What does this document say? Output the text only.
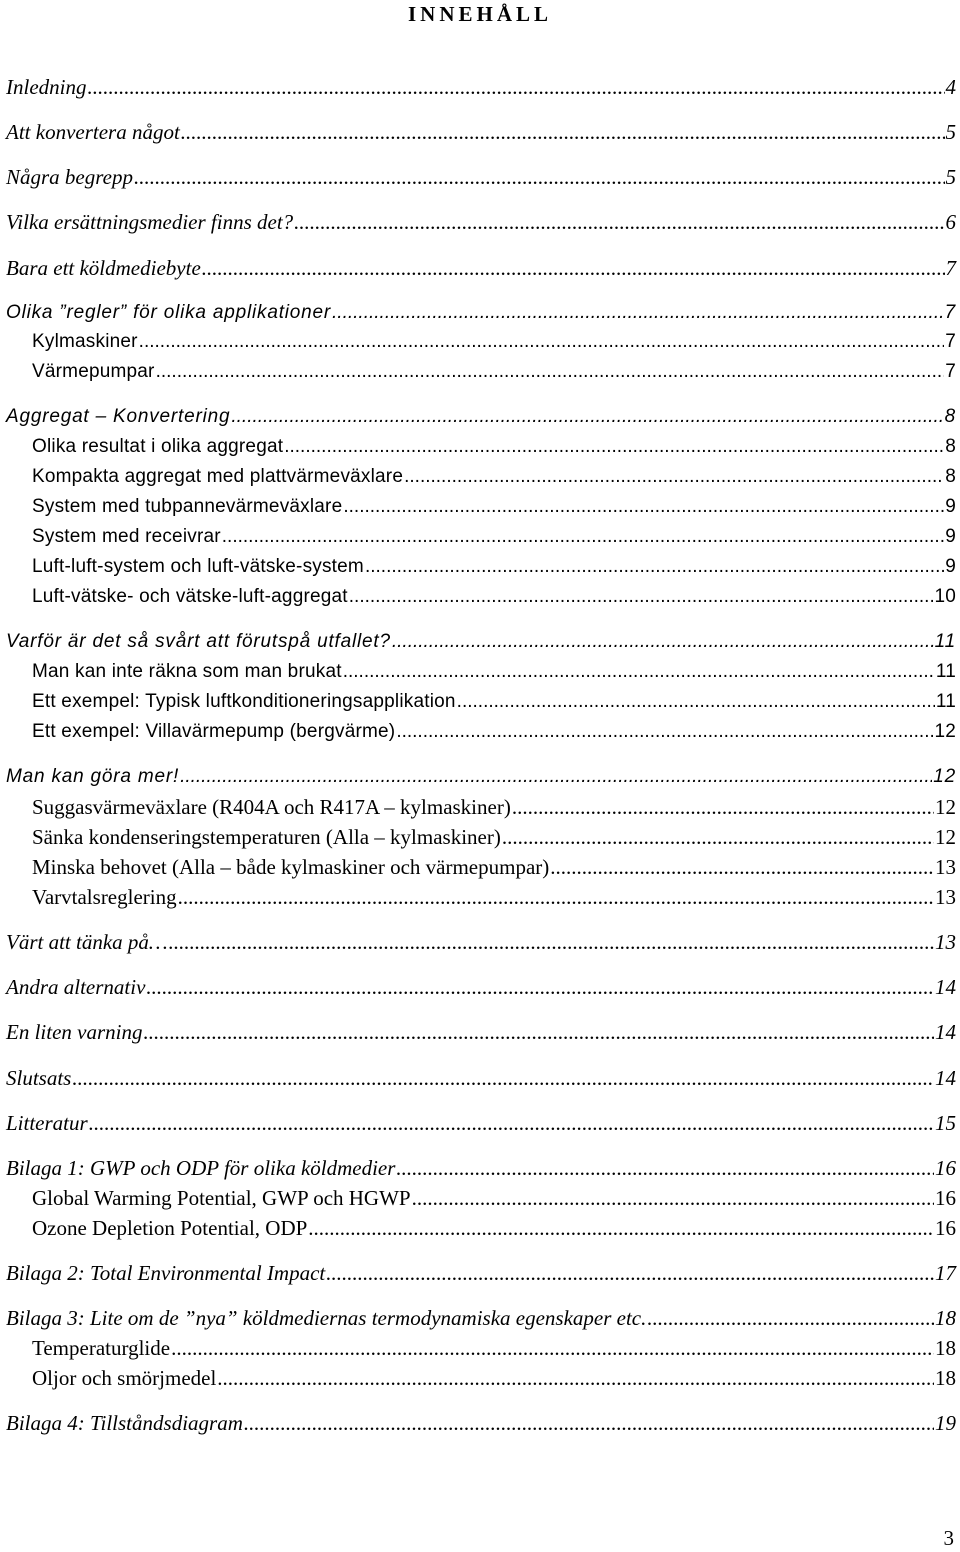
INNEHÅLL
Inledning .....	4
Att konvertera något .....	5
Några begrepp .....	5
Vilka ersättningsmedier finns det? .....	6
Bara ett köldmediebyte .....	7
Olika ”regler” för olika applikationer .....	7
Kylmaskiner .....	7
Värmepumpar .....	7
Aggregat – Konvertering .....	8
Olika resultat i olika aggregat .....	8
Kompakta aggregat med plattvärmeväxlare .....	8
System med tubpannevärmeväxlare .....	9
System med receivrar .....	9
Luft-luft-system och luft-vätske-system .....	9
Luft-vätske- och vätske-luft-aggregat .....	10
Varför är det så svårt att förutspå utfallet? .....	11
Man kan inte räkna som man brukat .....	11
Ett exempel: Typisk luftkonditioneringsapplikation .....	11
Ett exempel: Villavärmepump (bergvärme) .....	12
Man kan göra mer! .....	12
Suggasvärmeväxlare (R404A och R417A – kylmaskiner) .....	12
Sänka kondenseringstemperaturen (Alla – kylmaskiner) .....	12
Minska behovet (Alla – både kylmaskiner och värmepumpar) .....	13
Varvtalsreglering .....	13
Värt att tänka på… .....	13
Andra alternativ .....	14
En liten varning .....	14
Slutsats .....	14
Litteratur .....	15
Bilaga 1: GWP och ODP för olika köldmedier .....	16
Global Warming Potential, GWP och HGWP .....	16
Ozone Depletion Potential, ODP .....	16
Bilaga 2: Total Environmental Impact .....	17
Bilaga 3: Lite om de ”nya” köldmediernas termodynamiska egenskaper etc. .....	18
Temperaturglide .....	18
Oljor och smörjmedel .....	18
Bilaga 4: Tillståndsdiagram .....	19
3
